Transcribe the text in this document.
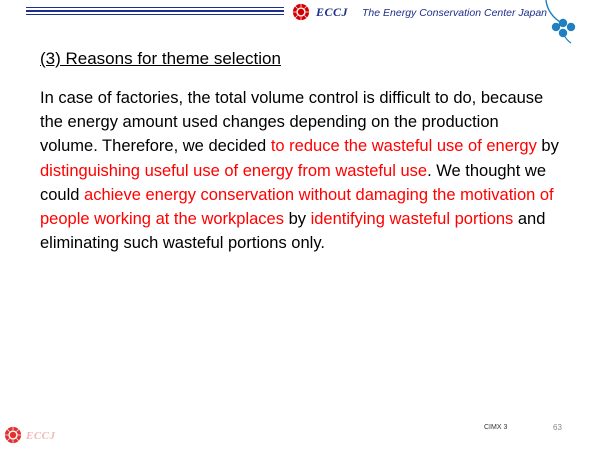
ECCJ The Energy Conservation Center Japan
(3) Reasons for theme selection
In case of factories, the total volume control is difficult to do, because the energy amount used changes depending on the production volume. Therefore, we decided to reduce the wasteful use of energy by distinguishing useful use of energy from wasteful use. We thought we could achieve energy conservation without damaging the motivation of people working at the workplaces by identifying wasteful portions and eliminating such wasteful portions only.
ECCJ
CIMX 3	63
